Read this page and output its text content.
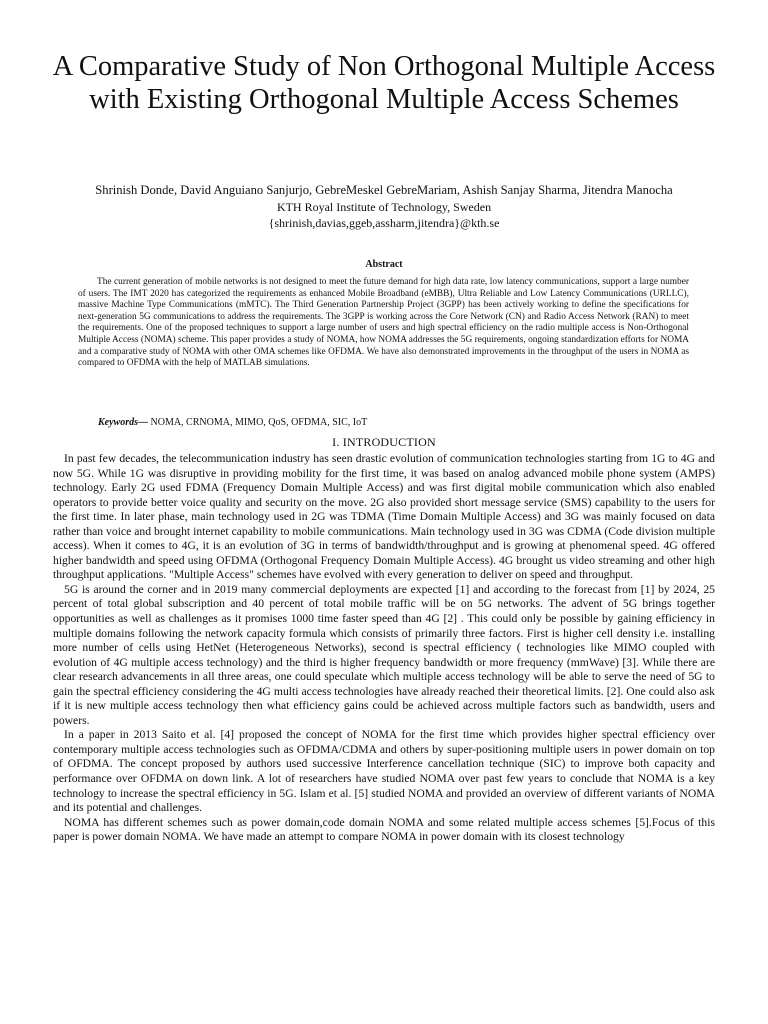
A Comparative Study of Non Orthogonal Multiple Access with Existing Orthogonal Multiple Access Schemes
Shrinish Donde, David Anguiano Sanjurjo, GebreMeskel GebreMariam, Ashish Sanjay Sharma, Jitendra Manocha
KTH Royal Institute of Technology, Sweden
{shrinish,davias,ggeb,assharm,jitendra}@kth.se
Abstract

The current generation of mobile networks is not designed to meet the future demand for high data rate, low latency communications, support a large number of users. The IMT 2020 has categorized the requirements as enhanced Mobile Broadband (eMBB), Ultra Reliable and Low Latency Communications (URLLC), massive Machine Type Communications (mMTC). The Third Generation Partnership Project (3GPP) has been actively working to define the specifications for next-generation 5G communications to address the requirements. The 3GPP is working across the Core Network (CN) and Radio Access Network (RAN) to meet the requirements. One of the proposed techniques to support a large number of users and high spectral efficiency on the radio multiple access is Non-Orthogonal Multiple Access (NOMA) scheme. This paper provides a study of NOMA, how NOMA addresses the 5G requirements, ongoing standardization efforts for NOMA and a comparative study of NOMA with other OMA schemes like OFDMA. We have also demonstrated improvements in the throughput of the users in NOMA as compared to OFDMA with the help of MATLAB simulations.

Keywords— NOMA, CRNOMA, MIMO, QoS, OFDMA, SIC, IoT
I. INTRODUCTION

In past few decades, the telecommunication industry has seen drastic evolution of communication technologies starting from 1G to 4G and now 5G. While 1G was disruptive in providing mobility for the first time, it was based on analog advanced mobile phone system (AMPS) technology. Early 2G used FDMA (Frequency Domain Multiple Access) and was first digital mobile communication which also enabled operators to provide better voice quality and security on the move. 2G also provided short message service (SMS) capability to the users for the first time. In later phase, main technology used in 2G was TDMA (Time Domain Multiple Access) and 3G was mainly focused on data rather than voice and brought internet capability to mobile communications. Main technology used in 3G was CDMA (Code division multiple access). When it comes to 4G, it is an evolution of 3G in terms of bandwidth/throughput and is growing at phenomenal speed. 4G offered higher bandwidth and speed using OFDMA (Orthogonal Frequency Domain Multiple Access). 4G brought us video streaming and other high throughput applications. "Multiple Access" schemes have evolved with every generation to deliver on speed and throughput.

5G is around the corner and in 2019 many commercial deployments are expected [1] and according to the forecast from [1] by 2024, 25 percent of total global subscription and 40 percent of total mobile traffic will be on 5G networks. The advent of 5G brings together opportunities as well as challenges as it promises 1000 time faster speed than 4G [2] . This could only be possible by gaining efficiency in multiple domains following the network capacity formula which consists of primarily three factors. First is higher cell density i.e. installing more number of cells using HetNet (Heterogeneous Networks), second is spectral efficiency ( technologies like MIMO coupled with evolution of 4G multiple access technology) and the third is higher frequency bandwidth or more frequency (mmWave) [3]. While there are clear research advancements in all three areas, one could speculate which multiple access technology will be able to serve the need of 5G to gain the spectral efficiency considering the 4G multi access technologies have already reached their theoretical limits. [2]. One could also ask if it is new multiple access technology then what efficiency gains could be achieved across multiple factors such as bandwidth, users and powers.

In a paper in 2013 Saito et al. [4] proposed the concept of NOMA for the first time which provides higher spectral efficiency over contemporary multiple access technologies such as OFDMA/CDMA and others by super-positioning multiple users in power domain on top of OFDMA. The concept proposed by authors used successive Interference cancellation technique (SIC) to improve both capacity and performance over OFDMA on down link. A lot of researchers have studied NOMA over past few years to conclude that NOMA is a key technology to increase the spectral efficiency in 5G. Islam et al. [5] studied NOMA and provided an overview of different variants of NOMA and its potential and challenges.

NOMA has different schemes such as power domain,code domain NOMA and some related multiple access schemes [5].Focus of this paper is power domain NOMA. We have made an attempt to compare NOMA in power domain with its closest technology
